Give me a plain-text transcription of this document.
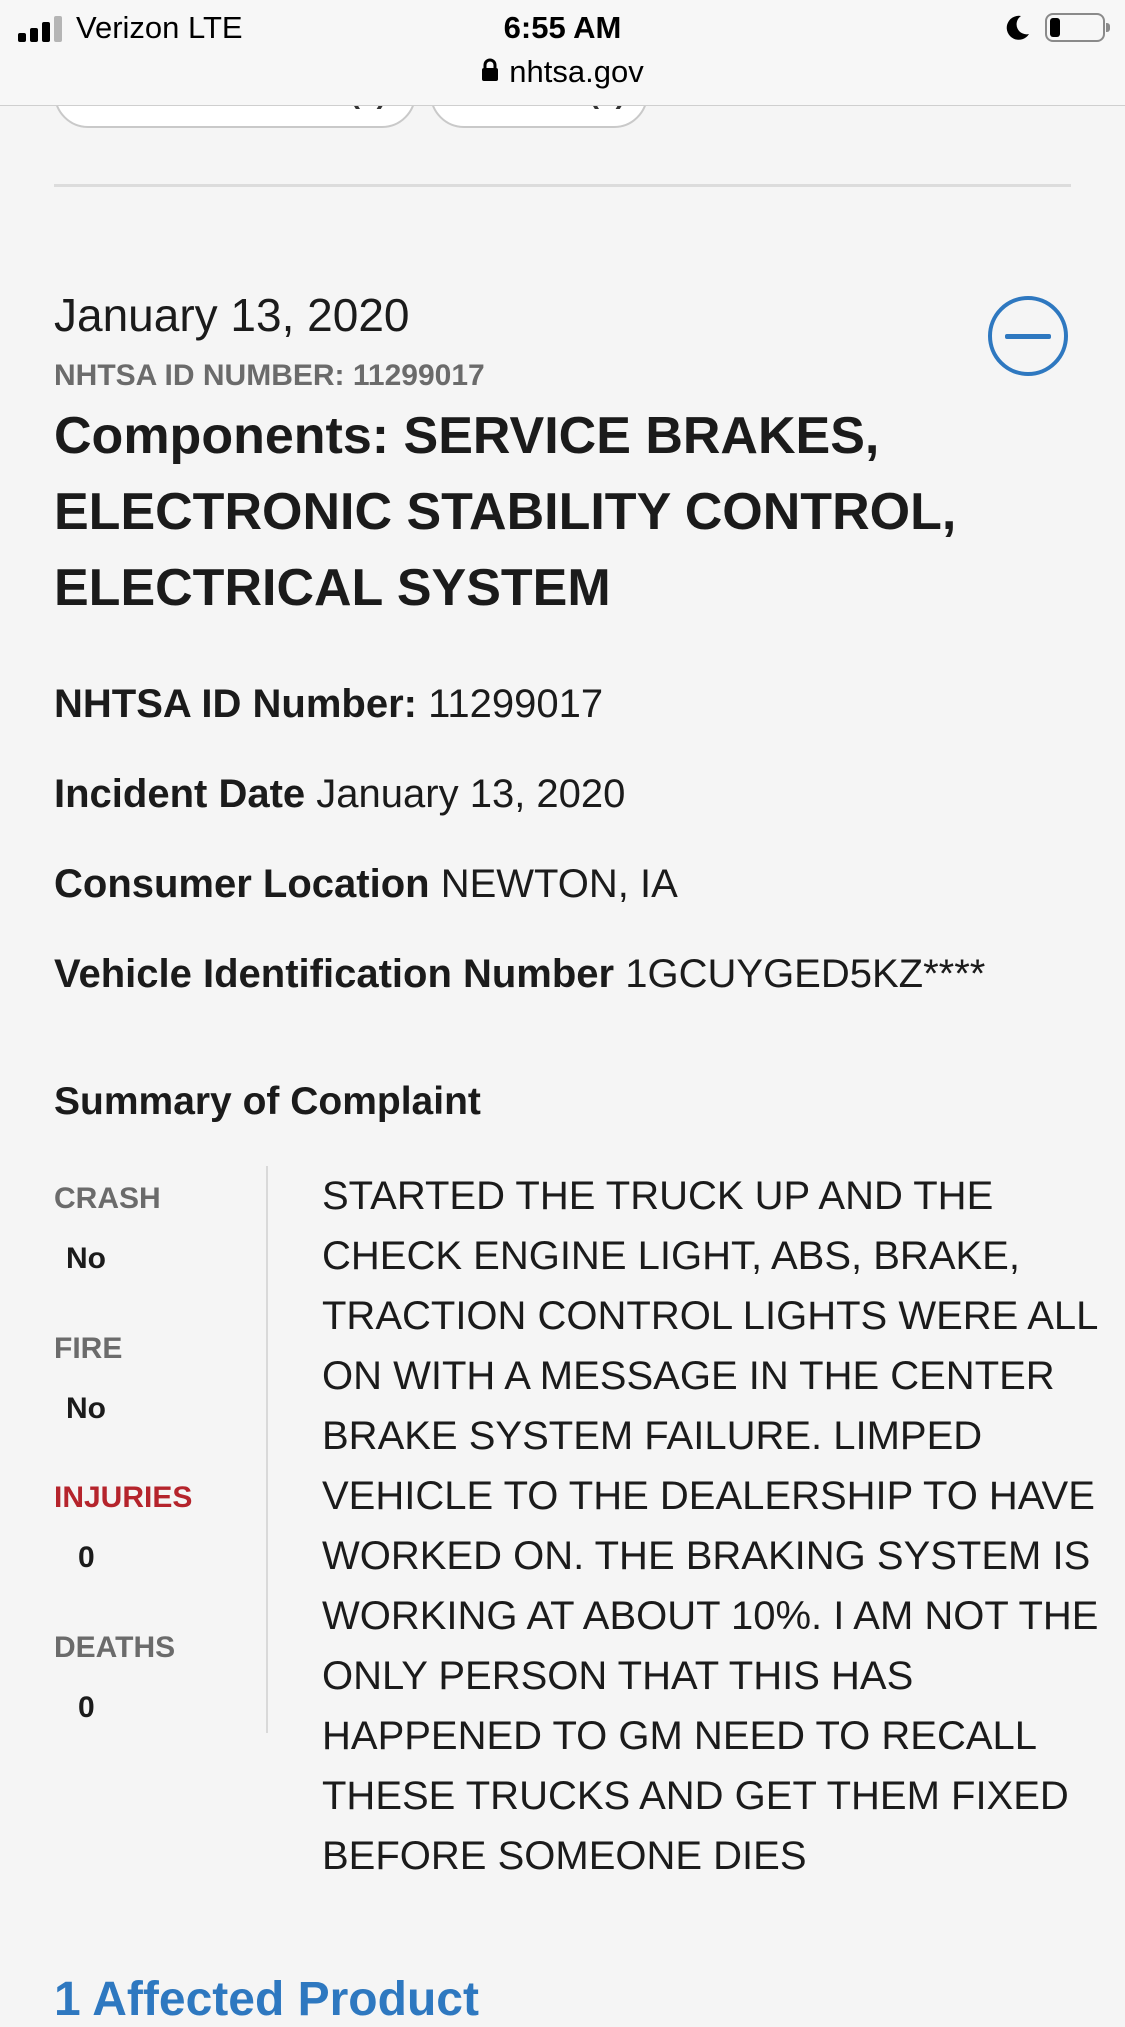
Verizon LTE	6:55 AM
nhtsa.gov
January 13, 2020
NHTSA ID NUMBER: 11299017
Components: SERVICE BRAKES, ELECTRONIC STABILITY CONTROL, ELECTRICAL SYSTEM
NHTSA ID Number: 11299017
Incident Date January 13, 2020
Consumer Location NEWTON, IA
Vehicle Identification Number 1GCUYGED5KZ****
Summary of Complaint
CRASH
No
FIRE
No
INJURIES
0
DEATHS
0
STARTED THE TRUCK UP AND THE CHECK ENGINE LIGHT, ABS, BRAKE, TRACTION CONTROL LIGHTS WERE ALL ON WITH A MESSAGE IN THE CENTER BRAKE SYSTEM FAILURE. LIMPED VEHICLE TO THE DEALERSHIP TO HAVE WORKED ON. THE BRAKING SYSTEM IS WORKING AT ABOUT 10%. I AM NOT THE ONLY PERSON THAT THIS HAS HAPPENED TO GM NEED TO RECALL THESE TRUCKS AND GET THEM FIXED BEFORE SOMEONE DIES
1 Affected Product
